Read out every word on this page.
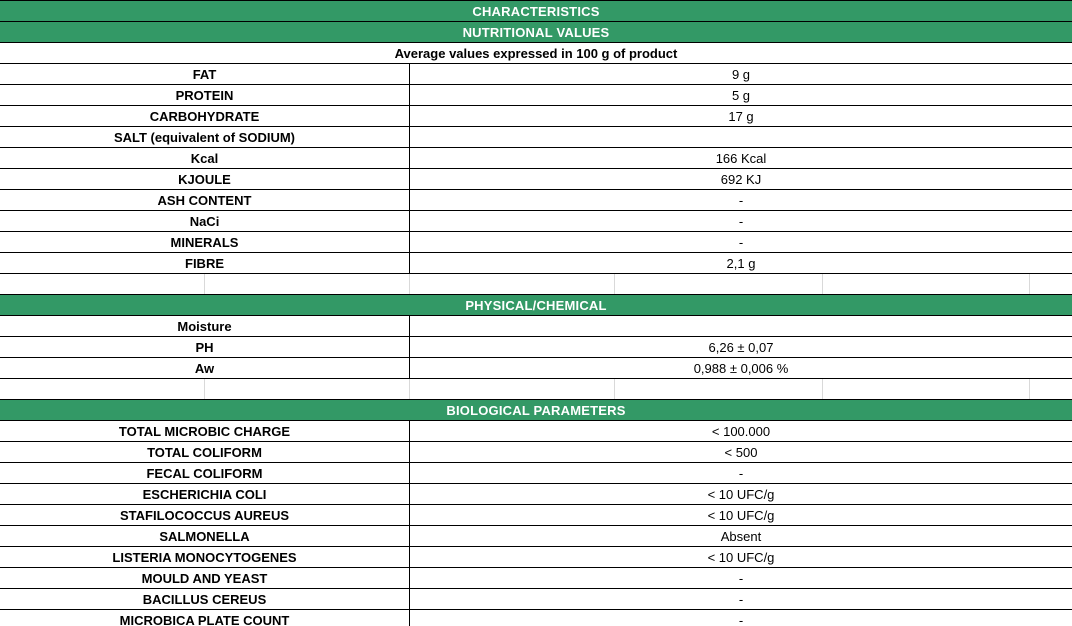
CHARACTERISTICS
NUTRITIONAL VALUES
Average values expressed in 100 g of product
FAT	9 g
PROTEIN	5 g
CARBOHYDRATE	17 g
SALT (equivalent of SODIUM)
Kcal	166 Kcal
KJOULE	692 KJ
ASH CONTENT	-
NaCi	-
MINERALS	-
FIBRE	2,1 g
PHYSICAL/CHEMICAL
Moisture
PH	6,26 ± 0,07
Aw	0,988 ± 0,006 %
BIOLOGICAL PARAMETERS
TOTAL MICROBIC CHARGE	< 100.000
TOTAL COLIFORM	< 500
FECAL COLIFORM	-
ESCHERICHIA COLI	< 10 UFC/g
STAFILOCOCCUS AUREUS	< 10 UFC/g
SALMONELLA	Absent
LISTERIA MONOCYTOGENES	< 10 UFC/g
MOULD AND YEAST	-
BACILLUS CEREUS	-
MICROBICA PLATE COUNT	-
